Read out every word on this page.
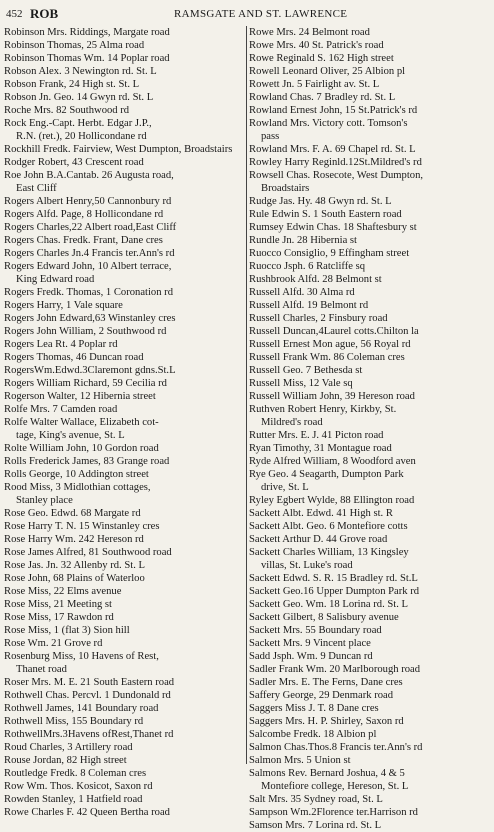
452 ROB	RAMSGATE AND ST. LAWRENCE
Robinson Mrs. Riddings, Margate road
Robinson Thomas, 25 Alma road
Robinson Thomas Wm. 14 Poplar road
Robson Alex. 3 Newington rd. St. L
Robson Frank, 24 High st. St. L
Robson Jn. Geo. 14 Gwyn rd. St. L
Roche Mrs. 82 Southwood rd
Rock Eng.-Capt. Herbt. Edgar J.P.,
R.N. (ret.), 20 Hollicondane rd
Rockhill Fredk. Fairview, West Dumpton, Broadstairs
Rodger Robert, 43 Crescent road
Roe John B.A.Cantab. 26 Augusta road,
East Cliff
Rogers Albert Henry,50 Cannonbury rd
Rogers Alfd. Page, 8 Hollicondane rd
Rogers Charles,22 Albert road,East Cliff
Rogers Chas. Fredk. Frant, Dane cres
Rogers Charles Jn.4 Francis ter.Ann's rd
Rogers Edward John, 10 Albert terrace,
King Edward road
Rogers Fredk. Thomas, 1 Coronation rd
Rogers Harry, 1 Vale square
Rogers John Edward,63 Winstanley cres
Rogers John William, 2 Southwood rd
Rogers Lea Rt. 4 Poplar rd
Rogers Thomas, 46 Duncan road
RogersWm.Edwd.3Claremont gdns.St.L
Rogers William Richard, 59 Cecilia rd
Rogerson Walter, 12 Hibernia street
Rolfe Mrs. 7 Camden road
Rolfe Walter Wallace, Elizabeth cot-
tage, King's avenue, St. L
Rolte William John, 10 Gordon road
Rolls Frederick James, 83 Grange road
Rolls George, 10 Addington street
Rood Miss, 3 Midlothian cottages,
Stanley place
Rose Geo. Edwd. 68 Margate rd
Rose Harry T. N. 15 Winstanley cres
Rose Harry Wm. 242 Hereson rd
Rose James Alfred, 81 Southwood road
Rose Jas. Jn. 32 Allenby rd. St. L
Rose John, 68 Plains of Waterloo
Rose Miss, 22 Elms avenue
Rose Miss, 21 Meeting st
Rose Miss, 17 Rawdon rd
Rose Miss, 1 (flat 3) Sion hill
Rose Wm. 21 Grove rd
Rosenburg Miss, 10 Havens of Rest,
Thanet road
Roser Mrs. M. E. 21 South Eastern road
Rothwell Chas. Percvl. 1 Dundonald rd
Rothwell James, 141 Boundary road
Rothwell Miss, 155 Boundary rd
RothwellMrs.3Havens ofRest,Thanet rd
Roud Charles, 3 Artillery road
Rouse Jordan, 82 High street
Routledge Fredk. 8 Coleman cres
Row Wm. Thos. Kosicot, Saxon rd
Rowden Stanley, 1 Hatfield road
Rowe Charles F. 42 Queen Bertha road
Rowe Mrs. 24 Belmont road
Rowe Mrs. 40 St. Patrick's road
Rowe Reginald S. 162 High street
Rowell Leonard Oliver, 25 Albion pl
Rowett Jn. 5 Fairlight av. St. L
Rowland Chas. 7 Bradley rd. St. L
Rowland Ernest John, 15 St.Patrick's rd
Rowland Mrs. Victory cott. Tomson's
pass
Rowland Mrs. F. A. 69 Chapel rd. St. L
Rowley Harry Reginld.12St.Mildred's rd
Rowsell Chas. Rosecote, West Dumpton,
Broadstairs
Rudge Jas. Hy. 48 Gwyn rd. St. L
Rule Edwin S. 1 South Eastern road
Rumsey Edwin Chas. 18 Shaftesbury st
Rundle Jn. 28 Hibernia st
Ruocco Consiglio, 9 Effingham street
Ruocco Jsph. 6 Ratcliffe sq
Rushbrook Alfd. 28 Belmont st
Russell Alfd. 30 Alma rd
Russell Alfd. 19 Belmont rd
Russell Charles, 2 Finsbury road
Russell Duncan,4Laurel cotts.Chilton la
Russell Ernest Mon ague, 56 Royal rd
Russell Frank Wm. 86 Coleman cres
Russell Geo. 7 Bethesda st
Russell Miss, 12 Vale sq
Russell William John, 39 Hereson road
Ruthven Robert Henry, Kirkby, St.
Mildred's road
Rutter Mrs. E. J. 41 Picton road
Ryan Timothy, 31 Montague road
Ryde Alfred William, 8 Woodford aven
Rye Geo. 4 Seagarth, Dumpton Park
drive, St. L
Ryley Egbert Wylde, 88 Ellington road
Sackett Albt. Edwd. 41 High st. R
Sackett Albt. Geo. 6 Montefiore cotts
Sackett Arthur D. 44 Grove road
Sackett Charles William, 13 Kingsley
villas, St. Luke's road
Sackett Edwd. S. R. 15 Bradley rd. St.L
Sackett Geo.16 Upper Dumpton Park rd
Sackett Geo. Wm. 18 Lorina rd. St. L
Sackett Gilbert, 8 Salisbury avenue
Sackett Mrs. 55 Boundary road
Sackett Mrs. 9 Vincent place
Sadd Jsph. Wm. 9 Duncan rd
Sadler Frank Wm. 20 Marlborough road
Sadler Mrs. E. The Ferns, Dane cres
Saffery George, 29 Denmark road
Saggers Miss J. T. 8 Dane cres
Saggers Mrs. H. P. Shirley, Saxon rd
Salcombe Fredk. 18 Albion pl
Salmon Chas.Thos.8 Francis ter.Ann's rd
Salmon Mrs. 5 Union st
Salmons Rev. Bernard Joshua, 4 & 5
Montefiore college, Hereson, St. L
Salt Mrs. 35 Sydney road, St. L
Sampson Wm.2Florence ter.Harrison rd
Samson Mrs. 7 Lorina rd. St. L
